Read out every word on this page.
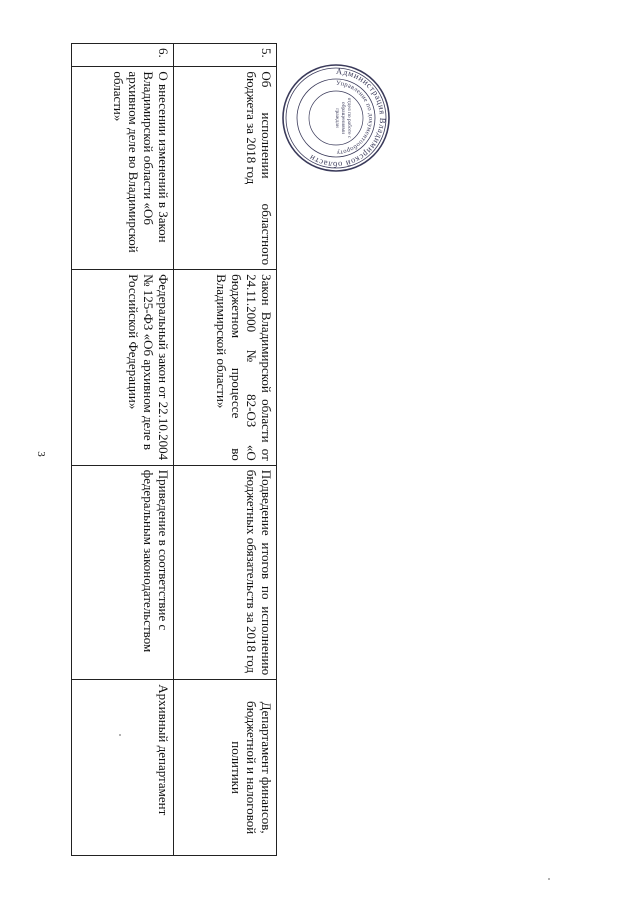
3
5.	Об исполнении областного бюджета за 2018 год	Закон Владимирской области от 24.11.2000 № 82-ОЗ «О бюджетном процессе во Владимирской области»	Подведение итогов по исполнению бюджетных обязательств за 2018 год	Департамент финансов, бюджетной и налоговой политики
6.	О внесении изменений в Закон Владимирской области «Об архивном деле во Владимирской области»	Федеральный закон от 22.10.2004 № 125-ФЗ «Об архивном деле в Российской Федерации»	Приведение в соответствие с федеральным законодательством	Архивный департамент
Администрация Владимирской области
Управление по документообороту
отдел по работе с обращениями граждан
